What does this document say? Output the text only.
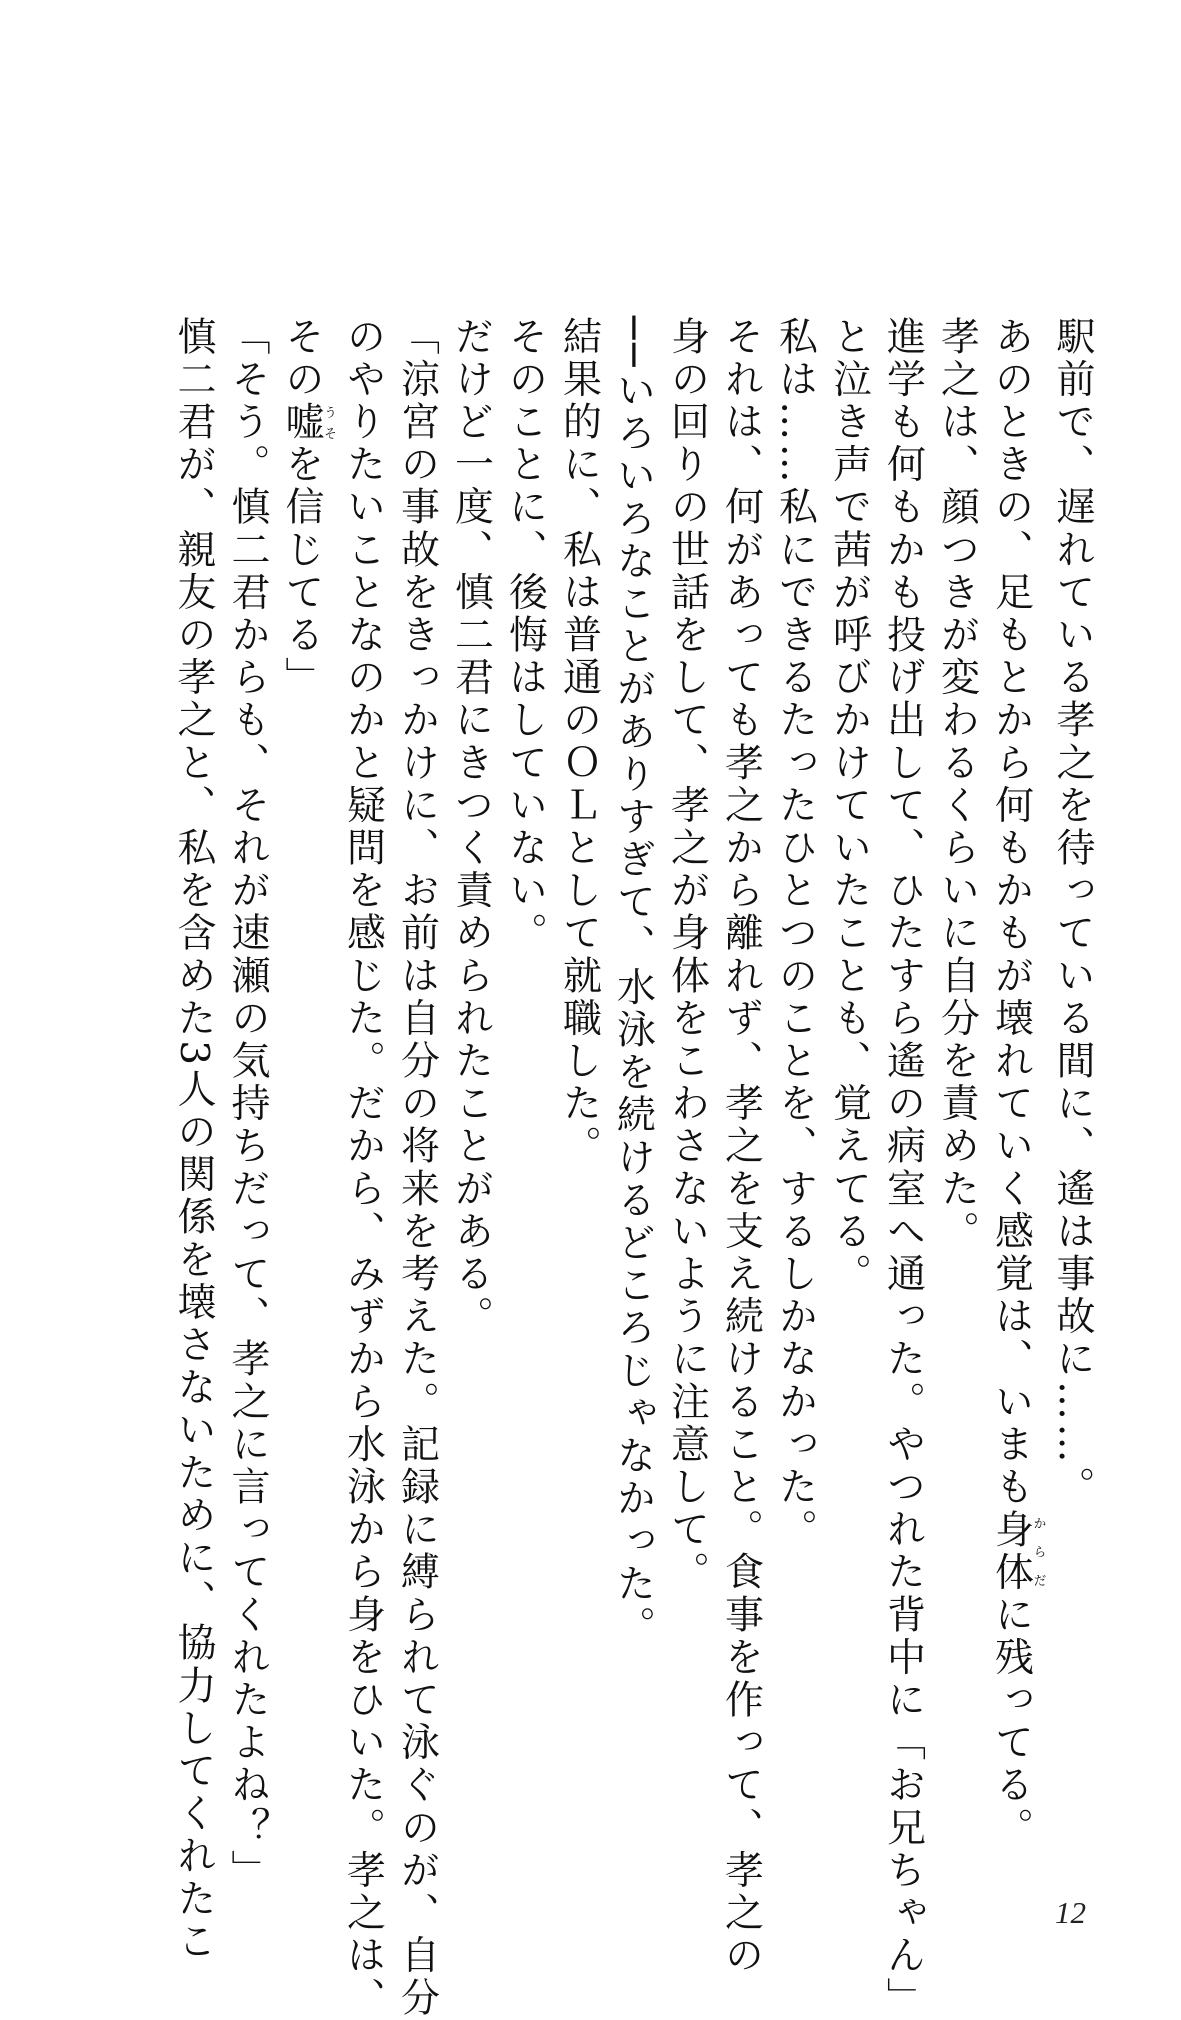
駅前で、遅れている孝之を待っている間に、遙は事故に……。
あのときの、足もとから何もかもが壊れていく感覚は、いまも身体からだに残ってる。
孝之は、顔つきが変わるくらいに自分を責めた。
進学も何もかも投げ出して、ひたすら遙の病室へ通った。やつれた背中に「お兄ちゃん」
と泣き声で茜が呼びかけていたことも、覚えてる。
私は……私にできるたったひとつのことを、するしかなかった。
それは、何があっても孝之から離れず、孝之を支え続けること。食事を作って、孝之の
身の回りの世話をして、孝之が身体をこわさないように注意して。
──いろいろなことがありすぎて、水泳を続けるどころじゃなかった。
結果的に、私は普通のＯＬとして就職した。
そのことに、後悔はしていない。
だけど一度、慎二君にきつく責められたことがある。
「涼宮の事故をきっかけに、お前は自分の将来を考えた。記録に縛られて泳ぐのが、自分
のやりたいことなのかと疑問を感じた。だから、みずから水泳から身をひいた。孝之は、
その嘘うそを信じてる」
「そう。慎二君からも、それが速瀬の気持ちだって、孝之に言ってくれたよね？」
慎二君が、親友の孝之と、私を含めた3人の関係を壊さないために、協力してくれたこ	12
